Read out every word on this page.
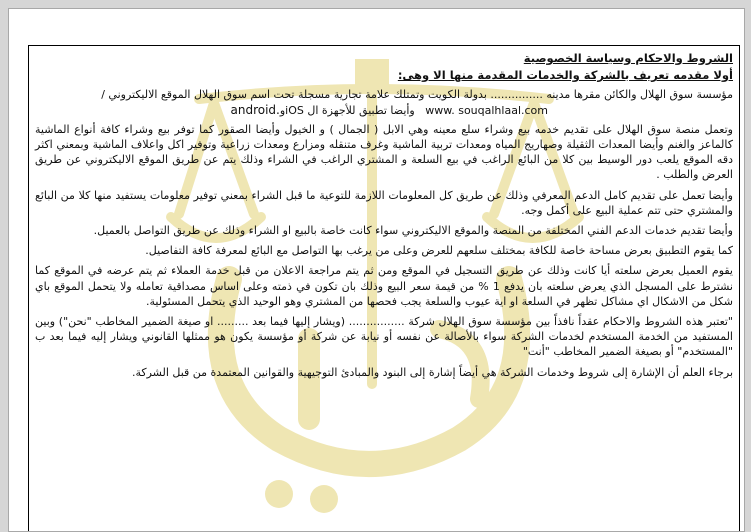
الشروط والاحكام وسياسة الخصوصية

أولا مقدمه تعريف بالشركة والخدمات المقدمة منها الا وهى:

مؤسسة سوق الهلال والكائن مقرها مدينه ............... بدولة الكويت وتمتلك علامة تجارية مسجلة تحت اسم سوق الهلال الموقع الاليكتروني /

www. souqalhlaal.com   وأيضا تطبيق للأجهزة ال iOSوandroid.

وتعمل منصة سوق الهلال على تقديم خدمه بيع وشراء سلع معينه وهي الابل ( الجمال ) و الخيول وأيضا الصقور كما توفر بيع وشراء كافة أنواع الماشية كالماعز والغنم وأيضا المعدات الثقيلة وصهاريج المياه ومعدات تربية الماشية وغرف متنقله ومزارع ومعدات زراعية وتوفير اكل واعلاف الماشية وبمعني اكثر دقه الموقع يلعب دور الوسيط بين كلا من البائع الراغب في بيع السلعة و المشتري الراغب في الشراء وذلك يتم عن طريق الموقع الاليكتروني عن طريق العرض والطلب .

وأيضا تعمل على تقديم كامل الدعم المعرفي وذلك عن طريق كل المعلومات اللازمة للتوعية ما قبل الشراء بمعني توفير معلومات يستفيد منها كلا من البائع والمشتري حتى تتم عملية البيع على أكمل وجه.

وأيضا تقديم خدمات الدعم الفني المختلفة من المنصة والموقع الاليكتروني سواء كانت خاصة بالبيع او الشراء وذلك عن طريق التواصل بالعميل.

كما يقوم التطبيق بعرض مساحة خاصة للكافة بمختلف سلعهم للعرض وعلى من يرغب بها التواصل مع البائع لمعرفة كافة التفاصيل.

يقوم العميل بعرض سلعته أيا كانت وذلك عن طريق التسجيل في الموقع ومن ثم يتم مراجعة الاعلان من قبل خدمة العملاء ثم يتم عرضه في الموقع كما نشترط على المسجل الذي يعرض سلعته بان يدفع 1 % من قيمة سعر البيع وذلك بان تكون في ذمته وعلى اساس مصداقية تعامله ولا يتحمل الموقع باي شكل من الاشكال اي مشاكل تظهر في السلعة او اية عيوب والسلعة يجب فحصها من المشتري وهو الوحيد الذي يتحمل المسئولية.

"تعتبر هذه الشروط والاحكام عقداً نافذاً بين مؤسسة سوق الهلال شركة ................ (ويشار إليها فيما بعد ......... او صيغة الضمير المخاطب "نحن") وبين المستفيد من الخدمة المستخدم لخدمات الشركة سواء بالأصالة عن نفسه أو نيابة عن شركة أو مؤسسة يكون هو ممثلها القانوني ويشار إليه فيما بعد ب "المستخدم" أو بصيغة الضمير المخاطب "أنت"

برجاء العلم أن الإشارة إلى شروط وخدمات الشركة هي أيضاً إشارة إلى البنود والمبادئ التوجيهية والقوانين المعتمدة من قبل الشركة.
